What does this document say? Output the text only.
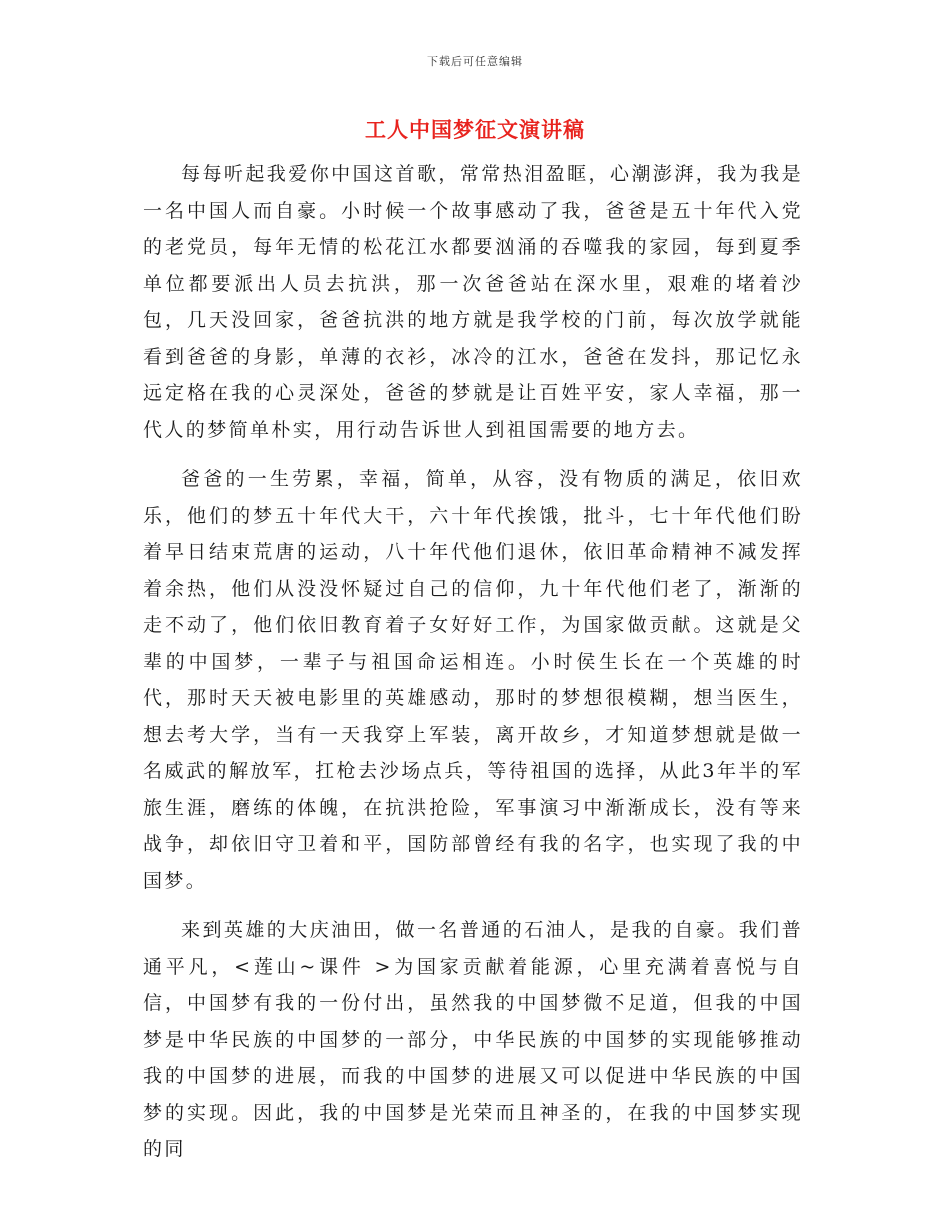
下载后可任意编辑
工人中国梦征文演讲稿

每每听起我爱你中国这首歌，常常热泪盈眶，心潮澎湃，我为我是一名中国人而自豪。小时候一个故事感动了我，爸爸是五十年代入党的老党员，每年无情的松花江水都要汹涌的吞噬我的家园，每到夏季单位都要派出人员去抗洪，那一次爸爸站在深水里，艰难的堵着沙包，几天没回家，爸爸抗洪的地方就是我学校的门前，每次放学就能看到爸爸的身影，单薄的衣衫，冰冷的江水，爸爸在发抖，那记忆永远定格在我的心灵深处，爸爸的梦就是让百姓平安，家人幸福，那一代人的梦简单朴实，用行动告诉世人到祖国需要的地方去。

爸爸的一生劳累，幸福，简单，从容，没有物质的满足，依旧欢乐，他们的梦五十年代大干，六十年代挨饿，批斗，七十年代他们盼着早日结束荒唐的运动，八十年代他们退休，依旧革命精神不减发挥着余热，他们从没没怀疑过自己的信仰，九十年代他们老了，渐渐的走不动了，他们依旧教育着子女好好工作，为国家做贡献。这就是父辈的中国梦，一辈子与祖国命运相连。小时侯生长在一个英雄的时代，那时天天被电影里的英雄感动，那时的梦想很模糊，想当医生，想去考大学，当有一天我穿上军装，离开故乡，才知道梦想就是做一名威武的解放军，扛枪去沙场点兵，等待祖国的选择，从此3年半的军旅生涯，磨练的体魄，在抗洪抢险，军事演习中渐渐成长，没有等来战争，却依旧守卫着和平，国防部曾经有我的名字，也实现了我的中国梦。

来到英雄的大庆油田，做一名普通的石油人，是我的自豪。我们普通平凡，<莲山~课件 >为国家贡献着能源，心里充满着喜悦与自信，中国梦有我的一份付出，虽然我的中国梦微不足道，但我的中国梦是中华民族的中国梦的一部分，中华民族的中国梦的实现能够推动我的中国梦的进展，而我的中国梦的进展又可以促进中华民族的中国梦的实现。因此，我的中国梦是光荣而且神圣的，在我的中国梦实现的同
